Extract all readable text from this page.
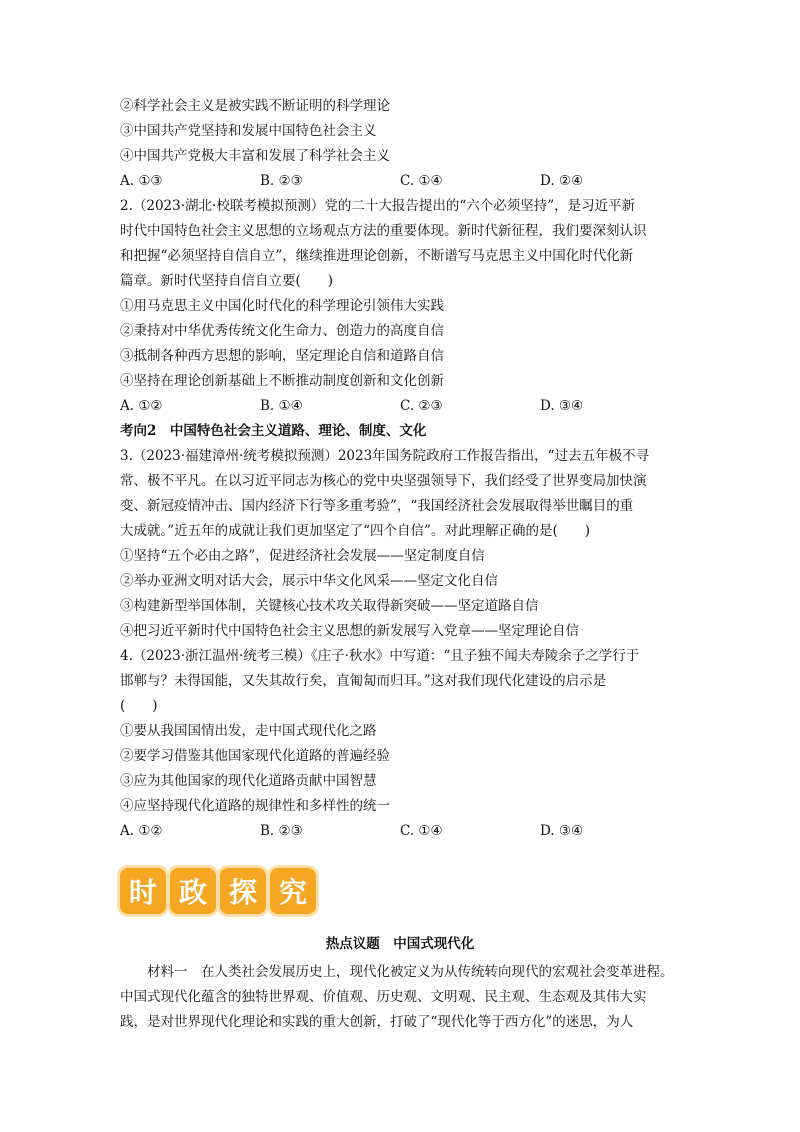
②科学社会主义是被实践不断证明的科学理论
③中国共产党坚持和发展中国特色社会主义
④中国共产党极大丰富和发展了科学社会主义
A. ①③	B. ②③	C. ①④	D. ②④
2.（2023·湖北·校联考模拟预测）党的二十大报告提出的“六个必须坚持”，是习近平新
时代中国特色社会主义思想的立场观点方法的重要体现。新时代新征程，我们要深刻认识
和把握“必须坚持自信自立”，继续推进理论创新，不断谱写马克思主义中国化时代化新
篇章。新时代坚持自信自立要(　　)
①用马克思主义中国化时代化的科学理论引领伟大实践
②秉持对中华优秀传统文化生命力、创造力的高度自信
③抵制各种西方思想的影响，坚定理论自信和道路自信
④坚持在理论创新基础上不断推动制度创新和文化创新
A. ①②	B. ①④	C. ②③	D. ③④
考向2　中国特色社会主义道路、理论、制度、文化
3.（2023·福建漳州·统考模拟预测）2023年国务院政府工作报告指出，“过去五年极不寻
常、极不平凡。在以习近平同志为核心的党中央坚强领导下，我们经受了世界变局加快演
变、新冠疫情冲击、国内经济下行等多重考验”，“我国经济社会发展取得举世瞩目的重
大成就。”近五年的成就让我们更加坚定了“四个自信”。对此理解正确的是(　　)
①坚持“五个必由之路”，促进经济社会发展——坚定制度自信
②举办亚洲文明对话大会，展示中华文化风采——坚定文化自信
③构建新型举国体制，关键核心技术攻关取得新突破——坚定道路自信
④把习近平新时代中国特色社会主义思想的新发展写入党章——坚定理论自信
4.（2023·浙江温州·统考三模）《庄子·秋水》中写道：“且子独不闻夫寿陵余子之学行于
邯郸与？未得国能，又失其故行矣，直匍匐而归耳。”这对我们现代化建设的启示是
(　　)
①要从我国国情出发，走中国式现代化之路
②要学习借鉴其他国家现代化道路的普遍经验
③应为其他国家的现代化道路贡献中国智慧
④应坚持现代化道路的规律性和多样性的统一
A. ①②	B. ②③	C. ①④	D. ③④
时 政 探 究
热点议题　中国式现代化
　　材料一　在人类社会发展历史上，现代化被定义为从传统转向现代的宏观社会变革进程。
中国式现代化蕴含的独特世界观、价值观、历史观、文明观、民主观、生态观及其伟大实
践，是对世界现代化理论和实践的重大创新，打破了“现代化等于西方化”的迷思，为人
